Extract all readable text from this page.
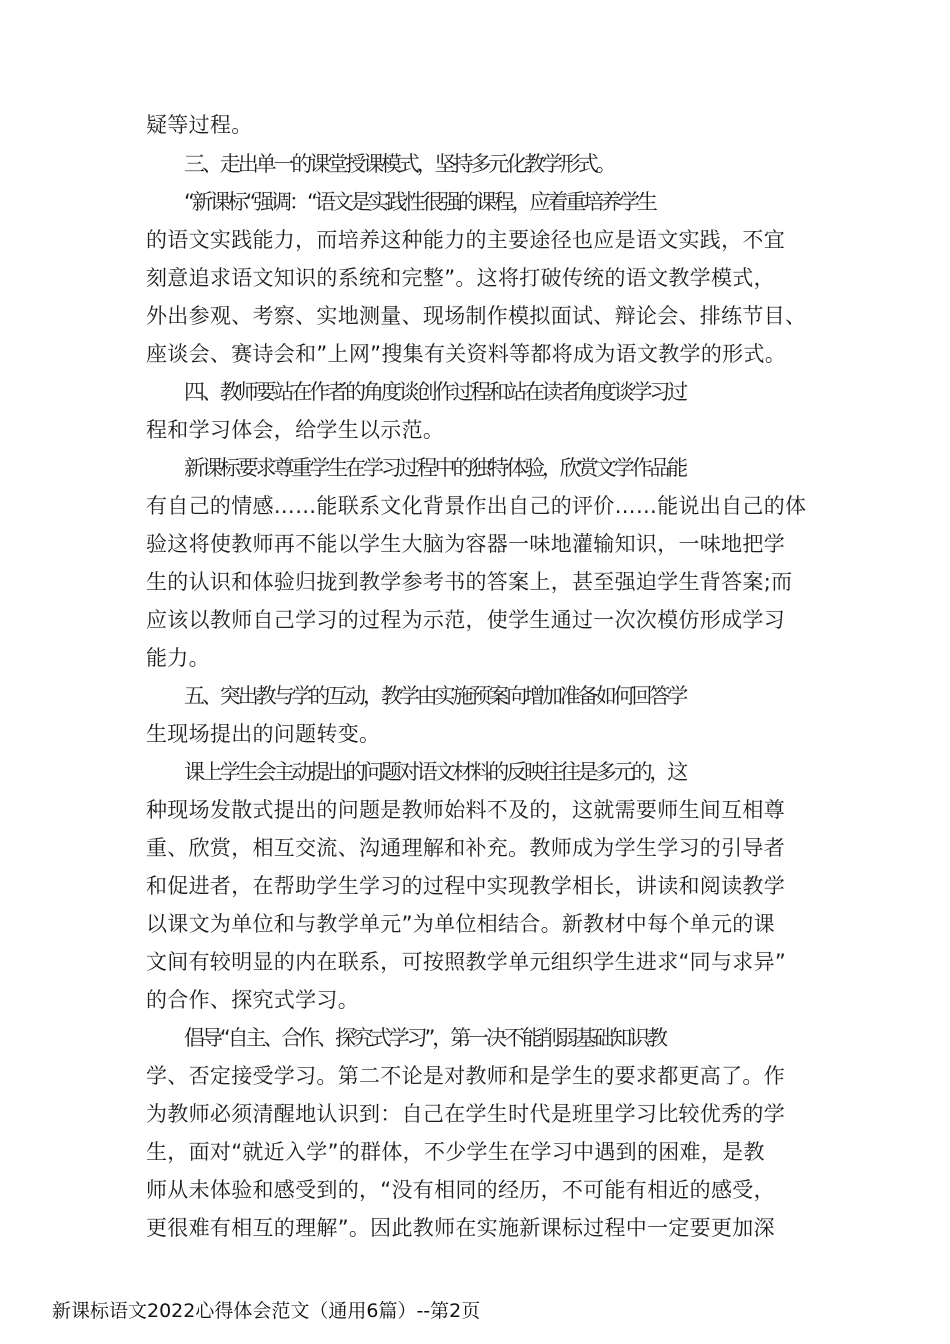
疑等过程。
三、走出单一的课堂授课模式，坚持多元化教学形式。
“新课标“强调：“语文是实践性很强的课程，应着重培养学生
的语文实践能力，而培养这种能力的主要途径也应是语文实践，不宜
刻意追求语文知识的系统和完整”。这将打破传统的语文教学模式，
外出参观、考察、实地测量、现场制作模拟面试、辩论会、排练节目、
座谈会、赛诗会和”上网”搜集有关资料等都将成为语文教学的形式。
四、教师要站在作者的角度谈创作过程和站在读者角度谈学习过
程和学习体会，给学生以示范。
新课标要求尊重学生在学习过程中的独特体验，欣赏文学作品能
有自己的情感……能联系文化背景作出自己的评价……能说出自己的体
验这将使教师再不能以学生大脑为容器一味地灌输知识，一味地把学
生的认识和体验归拢到教学参考书的答案上，甚至强迫学生背答案;而
应该以教师自己学习的过程为示范，使学生通过一次次模仿形成学习
能力。
五、突出教与学的互动，教学由实施预案向增加准备如何回答学
生现场提出的问题转变。
课上学生会主动提出的问题对语文材料的反映往往是多元的，这
种现场发散式提出的问题是教师始料不及的，这就需要师生间互相尊
重、欣赏，相互交流、沟通理解和补充。教师成为学生学习的引导者
和促进者，在帮助学生学习的过程中实现教学相长，讲读和阅读教学
以课文为单位和与教学单元”为单位相结合。新教材中每个单元的课
文间有较明显的内在联系，可按照教学单元组织学生进求“同与求异”
的合作、探究式学习。
倡导“自主、合作、探究式学习”，第一决不能削弱基础知识教
学、否定接受学习。第二不论是对教师和是学生的要求都更高了。作
为教师必须清醒地认识到：自己在学生时代是班里学习比较优秀的学
生，面对“就近入学”的群体，不少学生在学习中遇到的困难，是教
师从未体验和感受到的，“没有相同的经历，不可能有相近的感受，
更很难有相互的理解”。因此教师在实施新课标过程中一定要更加深
新课标语文2022心得体会范文（通用6篇）--第2页
